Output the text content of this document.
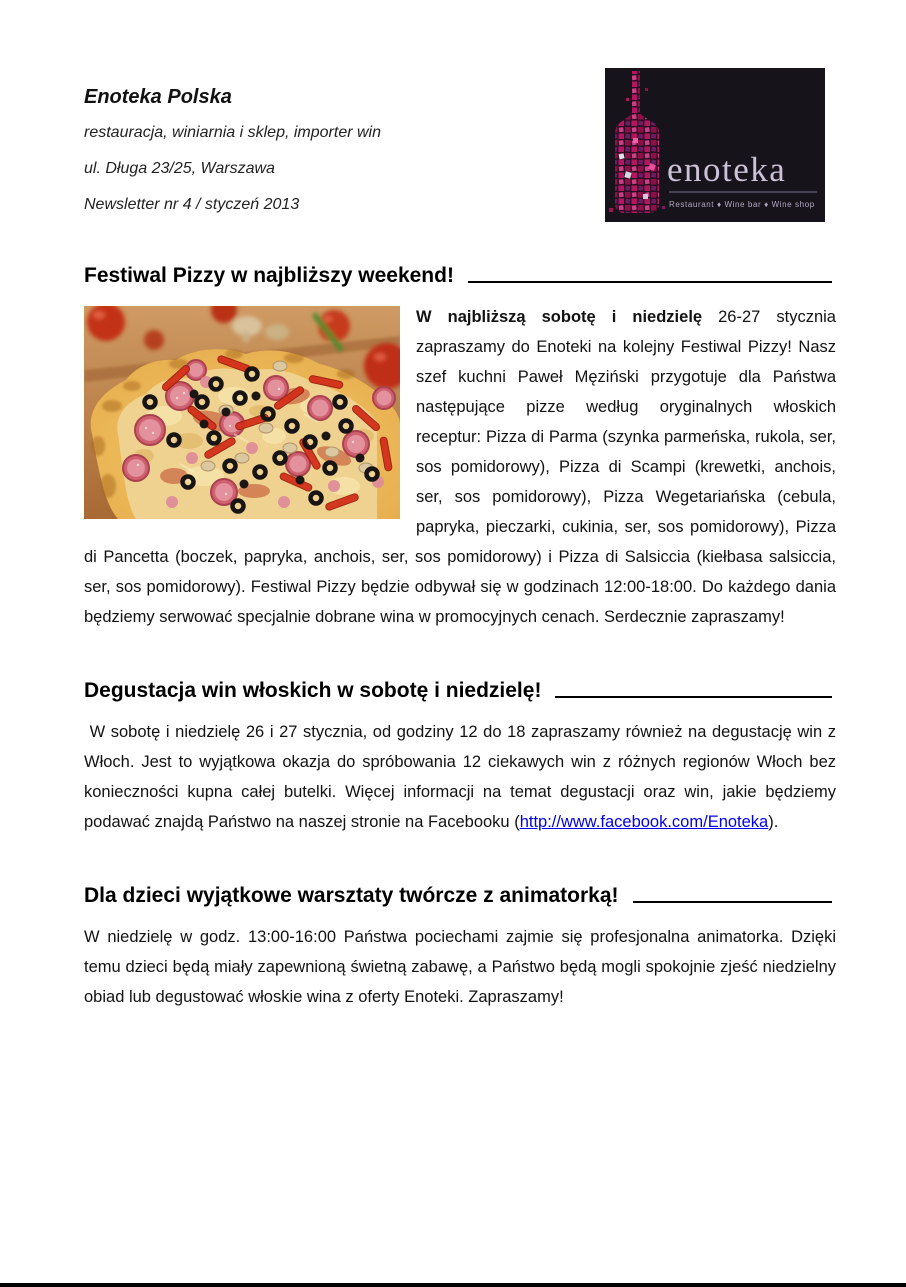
Enoteka Polska

restauracja, winiarnia i sklep, importer win

ul. Długa 23/25, Warszawa

Newsletter nr 4 / styczeń 2013

enoteka
Restaurant ♦ Wine bar ♦ Wine shop
Festiwal Pizzy w najbliższy weekend!

W najbliższą sobotę i niedzielę 26-27 stycznia zapraszamy do Enoteki na kolejny Festiwal Pizzy! Nasz szef kuchni Paweł Męziński przygotuje dla Państwa następujące pizze według oryginalnych włoskich receptur: Pizza di Parma (szynka parmeńska, rukola, ser, sos pomidorowy), Pizza di Scampi (krewetki, anchois, ser, sos pomidorowy), Pizza Wegetariańska (cebula, papryka, pieczarki, cukinia, ser, sos pomidorowy), Pizza di Pancetta (boczek, papryka, anchois, ser, sos pomidorowy) i Pizza di Salsiccia (kiełbasa salsiccia, ser, sos pomidorowy). Festiwal Pizzy będzie odbywał się w godzinach 12:00-18:00. Do każdego dania będziemy serwować specjalnie dobrane wina w promocyjnych cenach. Serdecznie zapraszamy!

Degustacja win włoskich w sobotę i niedzielę!

W sobotę i niedzielę 26 i 27 stycznia, od godziny 12 do 18 zapraszamy również na degustację win z Włoch. Jest to wyjątkowa okazja do spróbowania 12 ciekawych win z różnych regionów Włoch bez konieczności kupna całej butelki. Więcej informacji na temat degustacji oraz win, jakie będziemy podawać znajdą Państwo na naszej stronie na Facebooku (http://www.facebook.com/Enoteka).

Dla dzieci wyjątkowe warsztaty twórcze z animatorką!

W niedzielę w godz. 13:00-16:00 Państwa pociechami zajmie się profesjonalna animatorka. Dzięki temu dzieci będą miały zapewnioną świetną zabawę, a Państwo będą mogli spokojnie zjeść niedzielny obiad lub degustować włoskie wina z oferty Enoteki. Zapraszamy!
